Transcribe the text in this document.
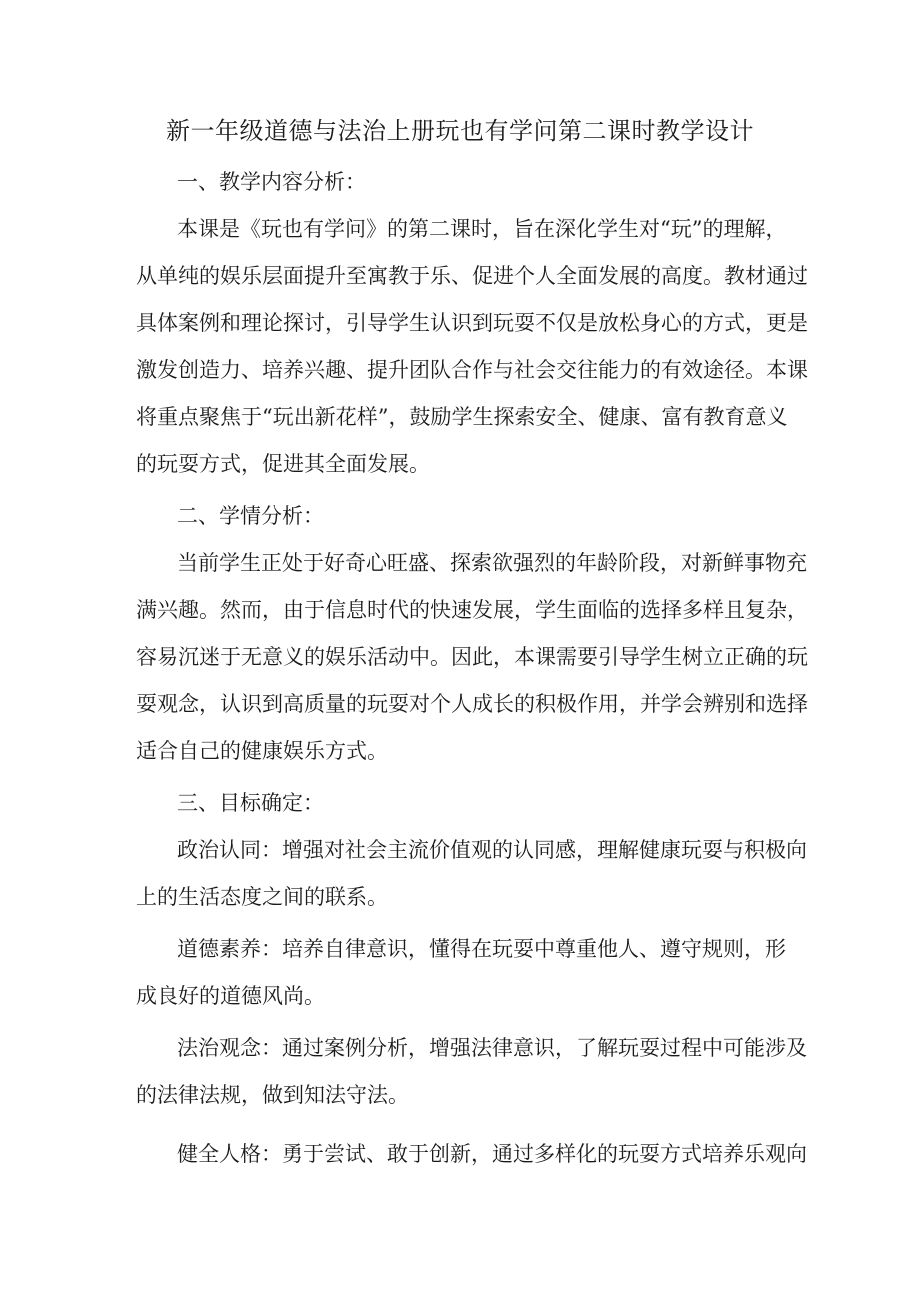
新一年级道德与法治上册玩也有学问第二课时教学设计
一、教学内容分析：
本课是《玩也有学问》的第二课时，旨在深化学生对“玩”的理解，
从单纯的娱乐层面提升至寓教于乐、促进个人全面发展的高度。教材通过
具体案例和理论探讨，引导学生认识到玩耍不仅是放松身心的方式，更是
激发创造力、培养兴趣、提升团队合作与社会交往能力的有效途径。本课
将重点聚焦于“玩出新花样”，鼓励学生探索安全、健康、富有教育意义
的玩耍方式，促进其全面发展。
二、学情分析：
当前学生正处于好奇心旺盛、探索欲强烈的年龄阶段，对新鲜事物充
满兴趣。然而，由于信息时代的快速发展，学生面临的选择多样且复杂，
容易沉迷于无意义的娱乐活动中。因此，本课需要引导学生树立正确的玩
耍观念，认识到高质量的玩耍对个人成长的积极作用，并学会辨别和选择
适合自己的健康娱乐方式。
三、目标确定：
政治认同：增强对社会主流价值观的认同感，理解健康玩耍与积极向
上的生活态度之间的联系。
道德素养：培养自律意识，懂得在玩耍中尊重他人、遵守规则，形
成良好的道德风尚。
法治观念：通过案例分析，增强法律意识，了解玩耍过程中可能涉及
的法律法规，做到知法守法。
健全人格：勇于尝试、敢于创新，通过多样化的玩耍方式培养乐观向
